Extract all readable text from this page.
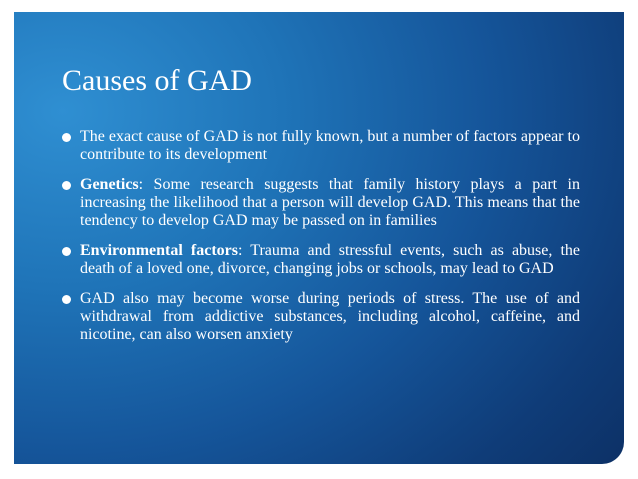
Causes of GAD
The exact cause of GAD is not fully known, but a number of factors appear to contribute to its development
Genetics: Some research suggests that family history plays a part in increasing the likelihood that a person will develop GAD. This means that the tendency to develop GAD may be passed on in families
Environmental factors: Trauma and stressful events, such as abuse, the death of a loved one, divorce, changing jobs or schools, may lead to GAD
GAD also may become worse during periods of stress. The use of and withdrawal from addictive substances, including alcohol, caffeine, and nicotine, can also worsen anxiety
